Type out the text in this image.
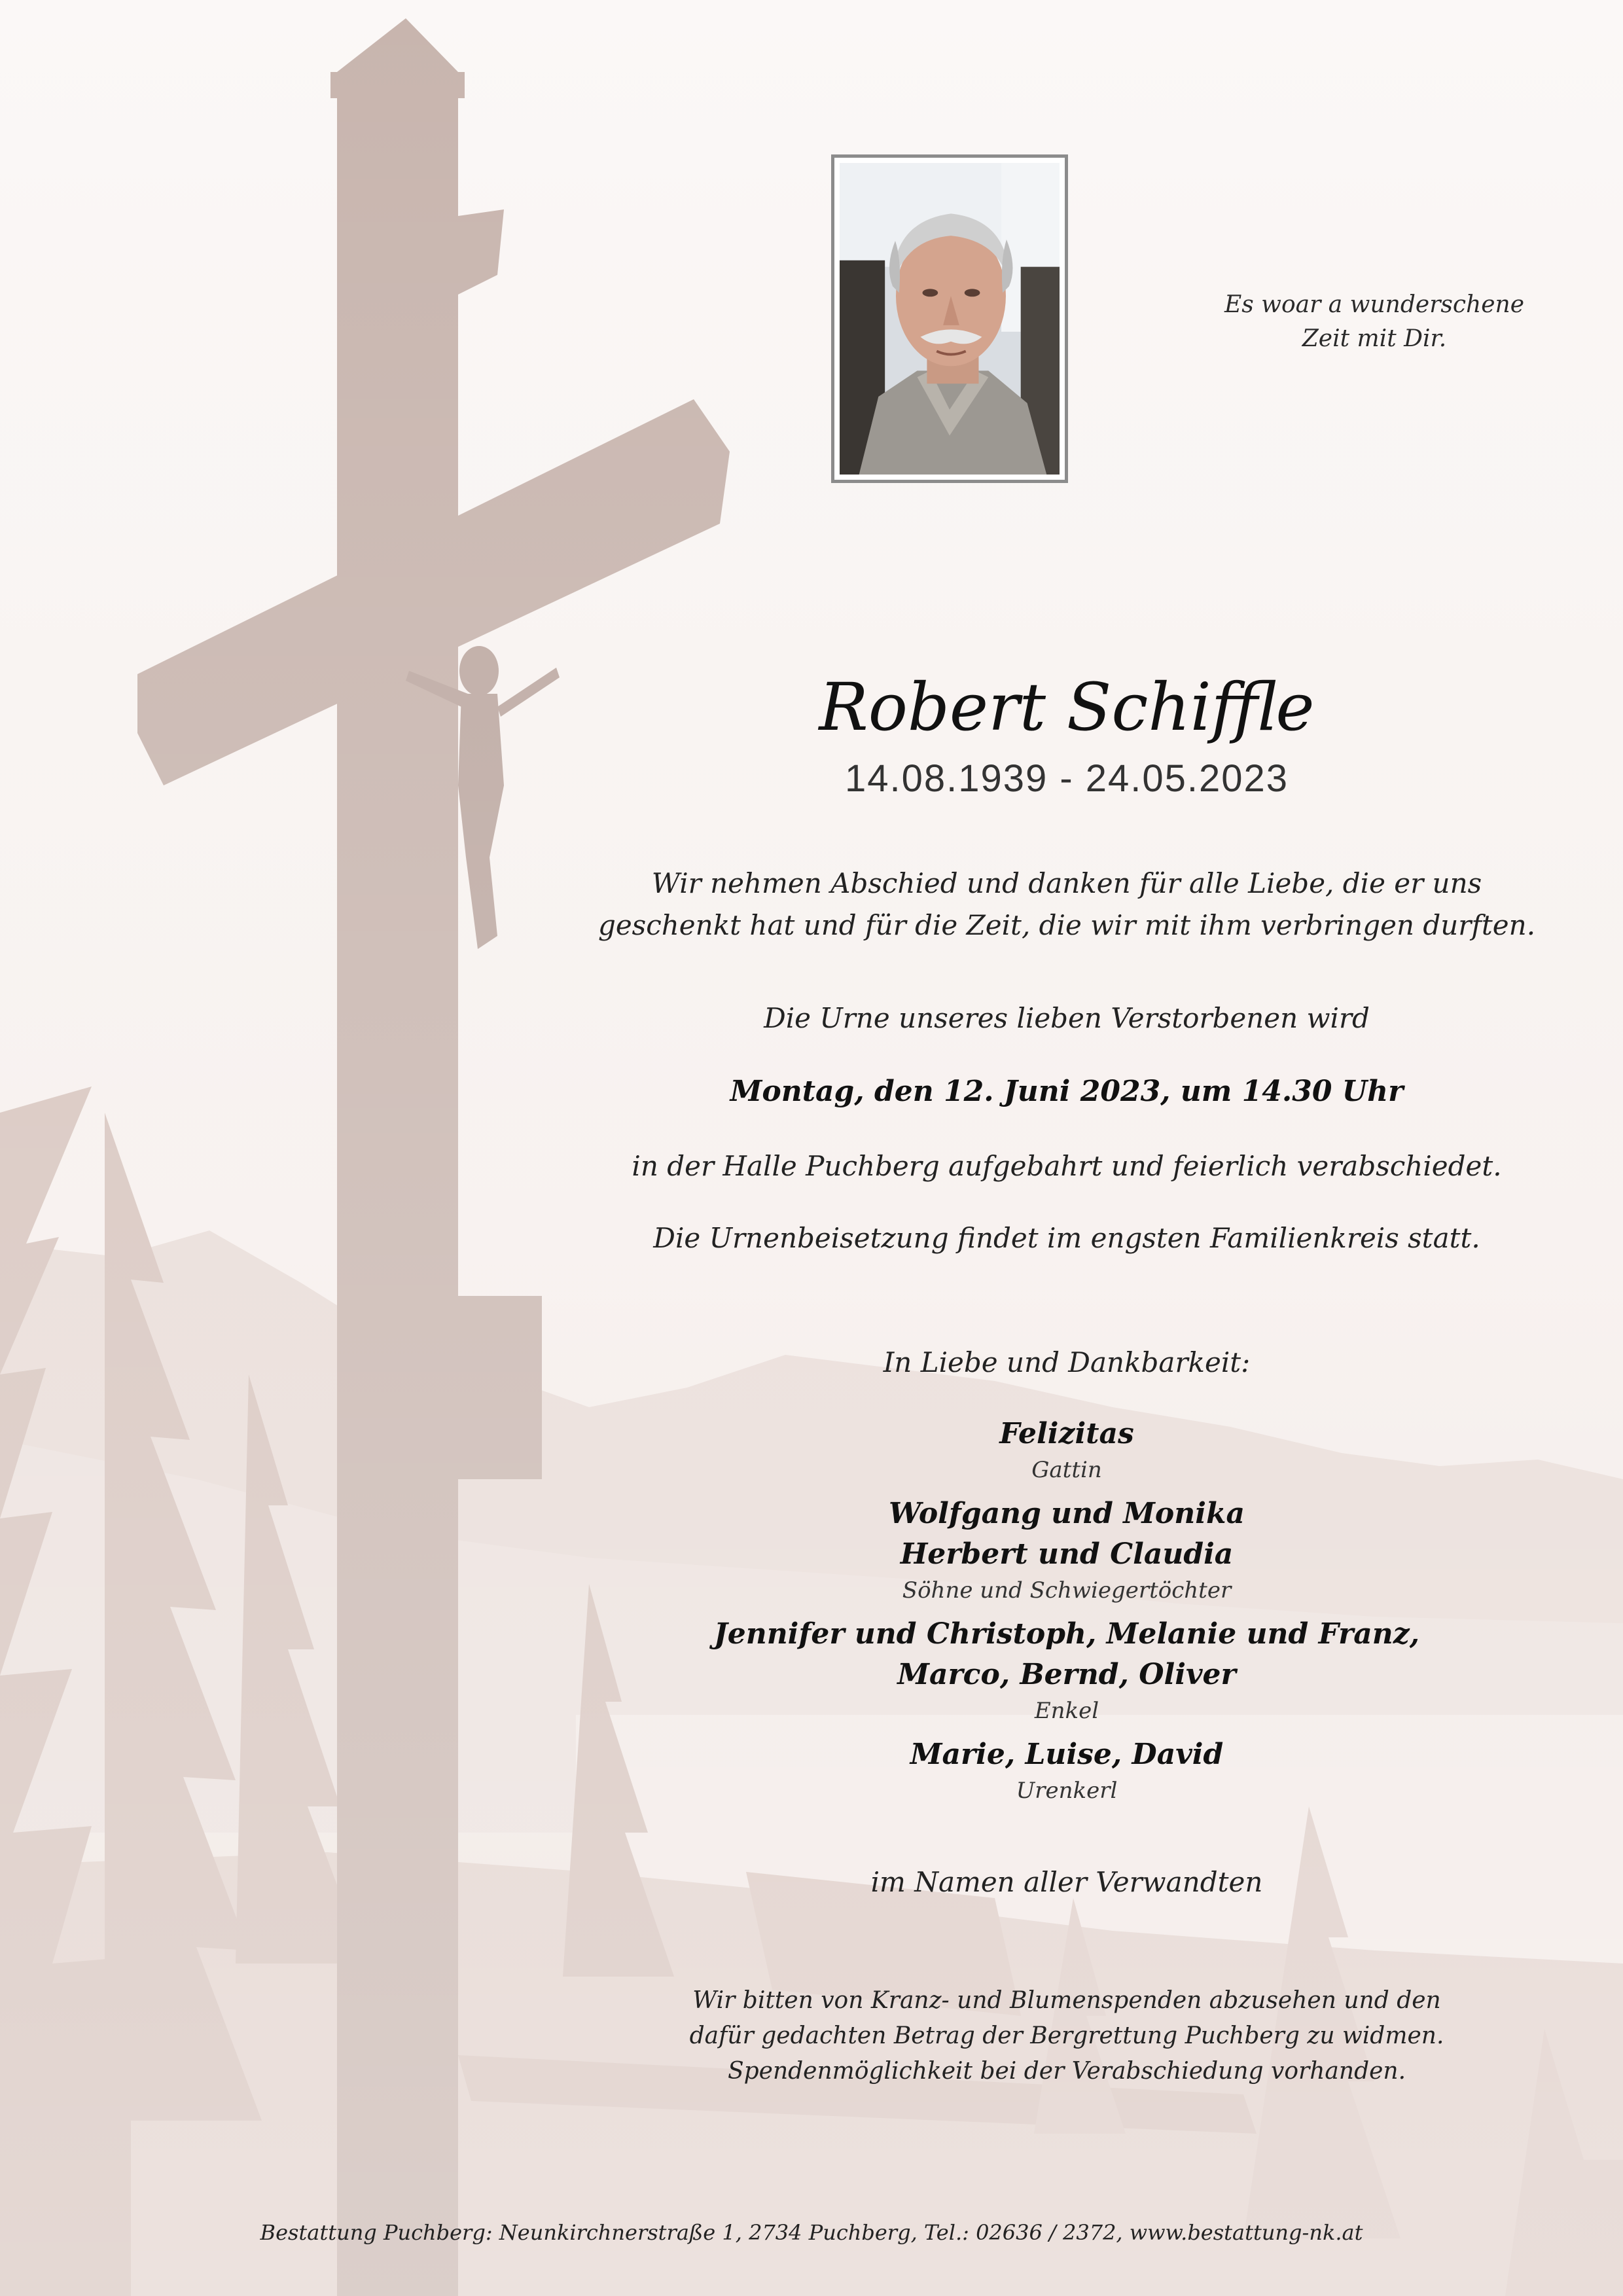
Es woar a wunderschene
Zeit mit Dir.
Robert Schiffle
14.08.1939 - 24.05.2023
Wir nehmen Abschied und danken für alle Liebe, die er uns
geschenkt hat und für die Zeit, die wir mit ihm verbringen durften.
Die Urne unseres lieben Verstorbenen wird
Montag, den 12. Juni 2023, um 14.30 Uhr
in der Halle Puchberg aufgebahrt und feierlich verabschiedet.
Die Urnenbeisetzung findet im engsten Familienkreis statt.
In Liebe und Dankbarkeit:
Felizitas
Gattin
Wolfgang und Monika
Herbert und Claudia
Söhne und Schwiegertöchter
Jennifer und Christoph, Melanie und Franz,
Marco, Bernd, Oliver
Enkel
Marie, Luise, David
Urenkerl
im Namen aller Verwandten
Wir bitten von Kranz- und Blumenspenden abzusehen und den
dafür gedachten Betrag der Bergrettung Puchberg zu widmen.
Spendenmöglichkeit bei der Verabschiedung vorhanden.
Bestattung Puchberg: Neunkirchnerstraße 1, 2734 Puchberg, Tel.: 02636 / 2372, www.bestattung-nk.at
